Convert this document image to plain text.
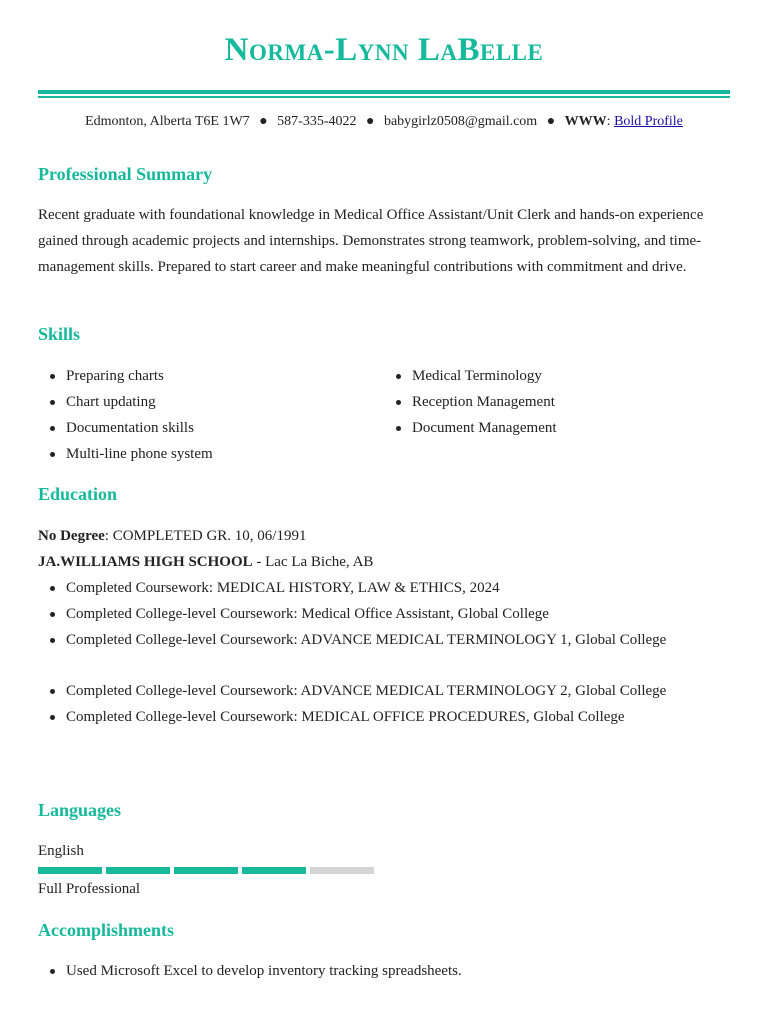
Norma-Lynn LaBelle
Edmonton, Alberta T6E 1W7 ● 587-335-4022 ● babygirlz0508@gmail.com ● WWW: Bold Profile
Professional Summary
Recent graduate with foundational knowledge in Medical Office Assistant/Unit Clerk and hands-on experience gained through academic projects and internships. Demonstrates strong teamwork, problem-solving, and time-management skills. Prepared to start career and make meaningful contributions with commitment and drive.
Skills
Preparing charts
Chart updating
Documentation skills
Multi-line phone system
Medical Terminology
Reception Management
Document Management
Education
No Degree: COMPLETED GR. 10, 06/1991
JA.WILLIAMS HIGH SCHOOL - Lac La Biche, AB
Completed Coursework: MEDICAL HISTORY, LAW & ETHICS, 2024
Completed College-level Coursework: Medical Office Assistant, Global College
Completed College-level Coursework: ADVANCE MEDICAL TERMINOLOGY 1, Global College
Completed College-level Coursework: ADVANCE MEDICAL TERMINOLOGY 2, Global College
Completed College-level Coursework: MEDICAL OFFICE PROCEDURES, Global College
Languages
English
Full Professional
Accomplishments
Used Microsoft Excel to develop inventory tracking spreadsheets.
